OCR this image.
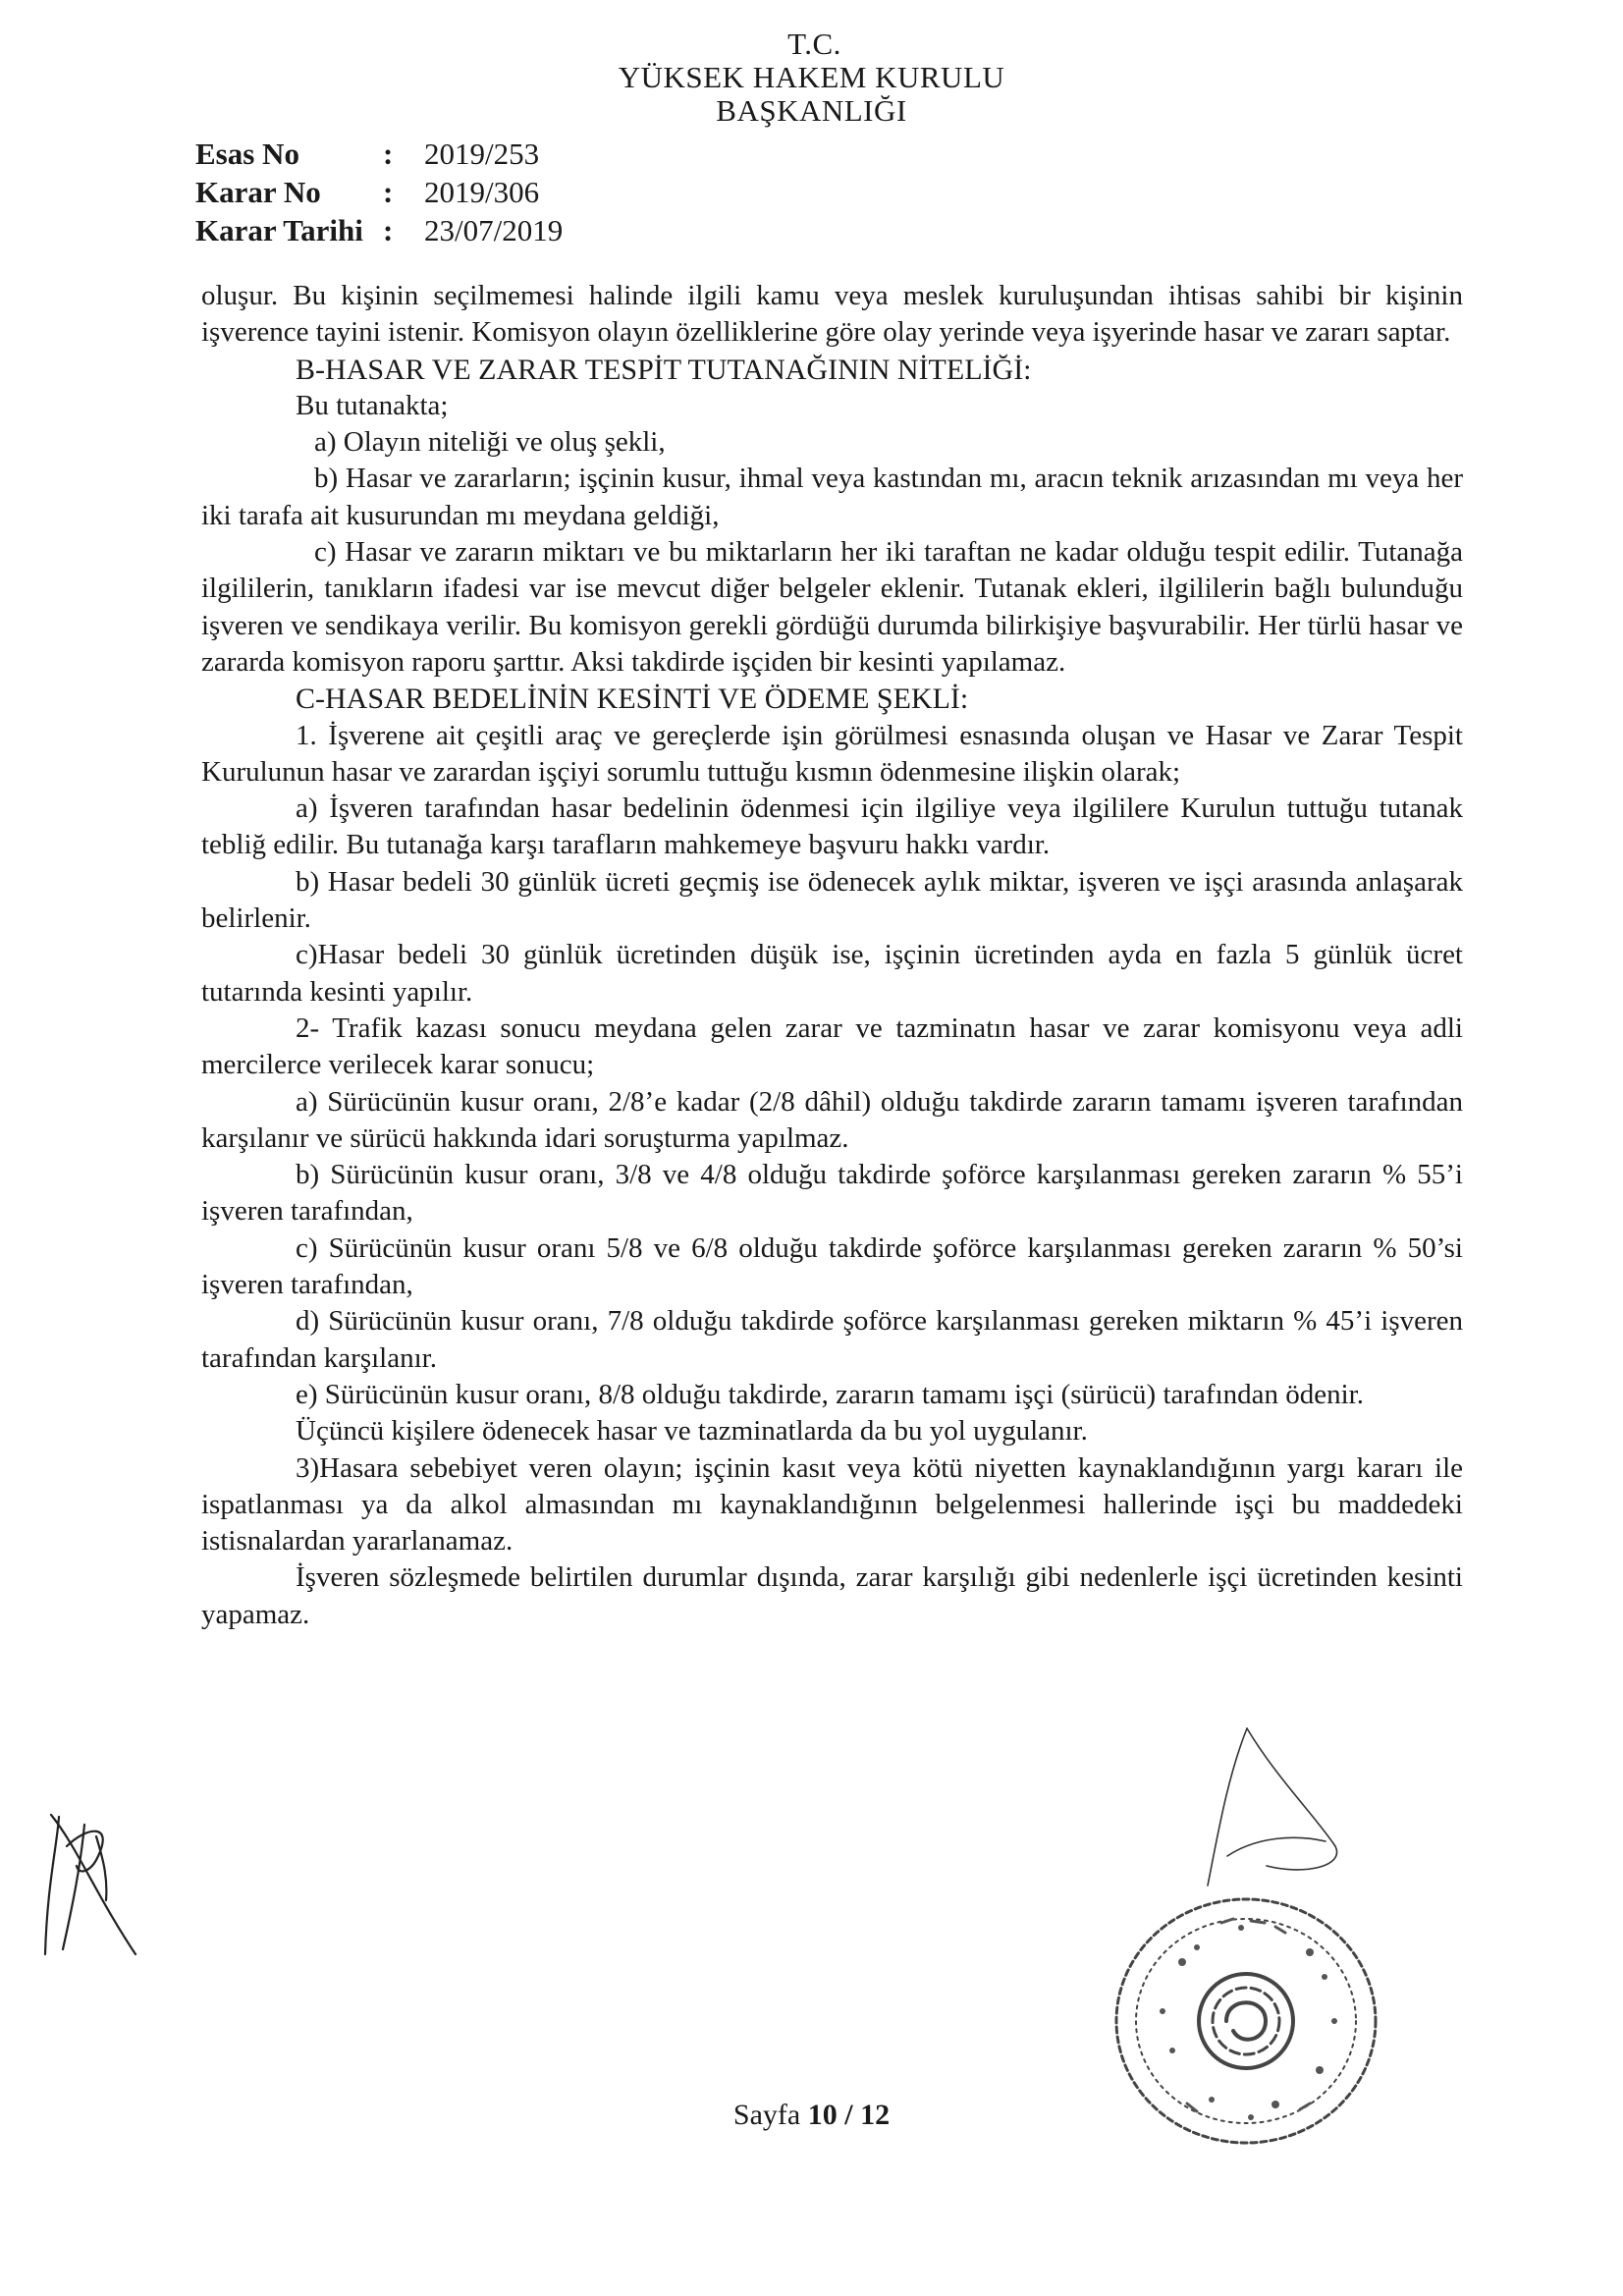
T.C.
YÜKSEK HAKEM KURULU
BAŞKANLIĞI
Esas No	:	2019/253
Karar No	:	2019/306
Karar Tarihi :	23/07/2019

oluşur. Bu kişinin seçilmemesi halinde ilgili kamu veya meslek kuruluşundan ihtisas sahibi bir kişinin işverence tayini istenir. Komisyon olayın özelliklerine göre olay yerinde veya işyerinde hasar ve zararı saptar.

B-HASAR VE ZARAR TESPİT TUTANAĞININ NİTELİĞİ:

Bu tutanakta;

a) Olayın niteliği ve oluş şekli,

b) Hasar ve zararların; işçinin kusur, ihmal veya kastından mı, aracın teknik arızasından mı veya her iki tarafa ait kusurundan mı meydana geldiği,

c) Hasar ve zararın miktarı ve bu miktarların her iki taraftan ne kadar olduğu tespit edilir. Tutanağa ilgililerin, tanıkların ifadesi var ise mevcut diğer belgeler eklenir. Tutanak ekleri, ilgililerin bağlı bulunduğu işveren ve sendikaya verilir. Bu komisyon gerekli gördüğü durumda bilirkişiye başvurabilir. Her türlü hasar ve zararda komisyon raporu şarttır. Aksi takdirde işçiden bir kesinti yapılamaz.

C-HASAR BEDELİNİN KESİNTİ VE ÖDEME ŞEKLİ:

1. İşverene ait çeşitli araç ve gereçlerde işin görülmesi esnasında oluşan ve Hasar ve Zarar Tespit Kurulunun hasar ve zarardan işçiyi sorumlu tuttuğu kısmın ödenmesine ilişkin olarak;

a) İşveren tarafından hasar bedelinin ödenmesi için ilgiliye veya ilgililere Kurulun tuttuğu tutanak tebliğ edilir. Bu tutanağa karşı tarafların mahkemeye başvuru hakkı vardır.

b) Hasar bedeli 30 günlük ücreti geçmiş ise ödenecek aylık miktar, işveren ve işçi arasında anlaşarak belirlenir.

c)Hasar bedeli 30 günlük ücretinden düşük ise, işçinin ücretinden ayda en fazla 5 günlük ücret tutarında kesinti yapılır.

2- Trafik kazası sonucu meydana gelen zarar ve tazminatın hasar ve zarar komisyonu veya adli mercilerce verilecek karar sonucu;

a) Sürücünün kusur oranı, 2/8’e kadar (2/8 dâhil) olduğu takdirde zararın tamamı işveren tarafından karşılanır ve sürücü hakkında idari soruşturma yapılmaz.

b) Sürücünün kusur oranı, 3/8 ve 4/8 olduğu takdirde şoförce karşılanması gereken zararın % 55’i işveren tarafından,

c) Sürücünün kusur oranı 5/8 ve 6/8 olduğu takdirde şoförce karşılanması gereken zararın % 50’si işveren tarafından,

d) Sürücünün kusur oranı, 7/8 olduğu takdirde şoförce karşılanması gereken miktarın % 45’i işveren tarafından karşılanır.

e) Sürücünün kusur oranı, 8/8 olduğu takdirde, zararın tamamı işçi (sürücü) tarafından ödenir.

Üçüncü kişilere ödenecek hasar ve tazminatlarda da bu yol uygulanır.

3)Hasara sebebiyet veren olayın; işçinin kasıt veya kötü niyetten kaynaklandığının yargı kararı ile ispatlanması ya da alkol almasından mı kaynaklandığının belgelenmesi hallerinde işçi bu maddedeki istisnalardan yararlanamaz.

İşveren sözleşmede belirtilen durumlar dışında, zarar karşılığı gibi nedenlerle işçi ücretinden kesinti yapamaz.

Sayfa 10 / 12
